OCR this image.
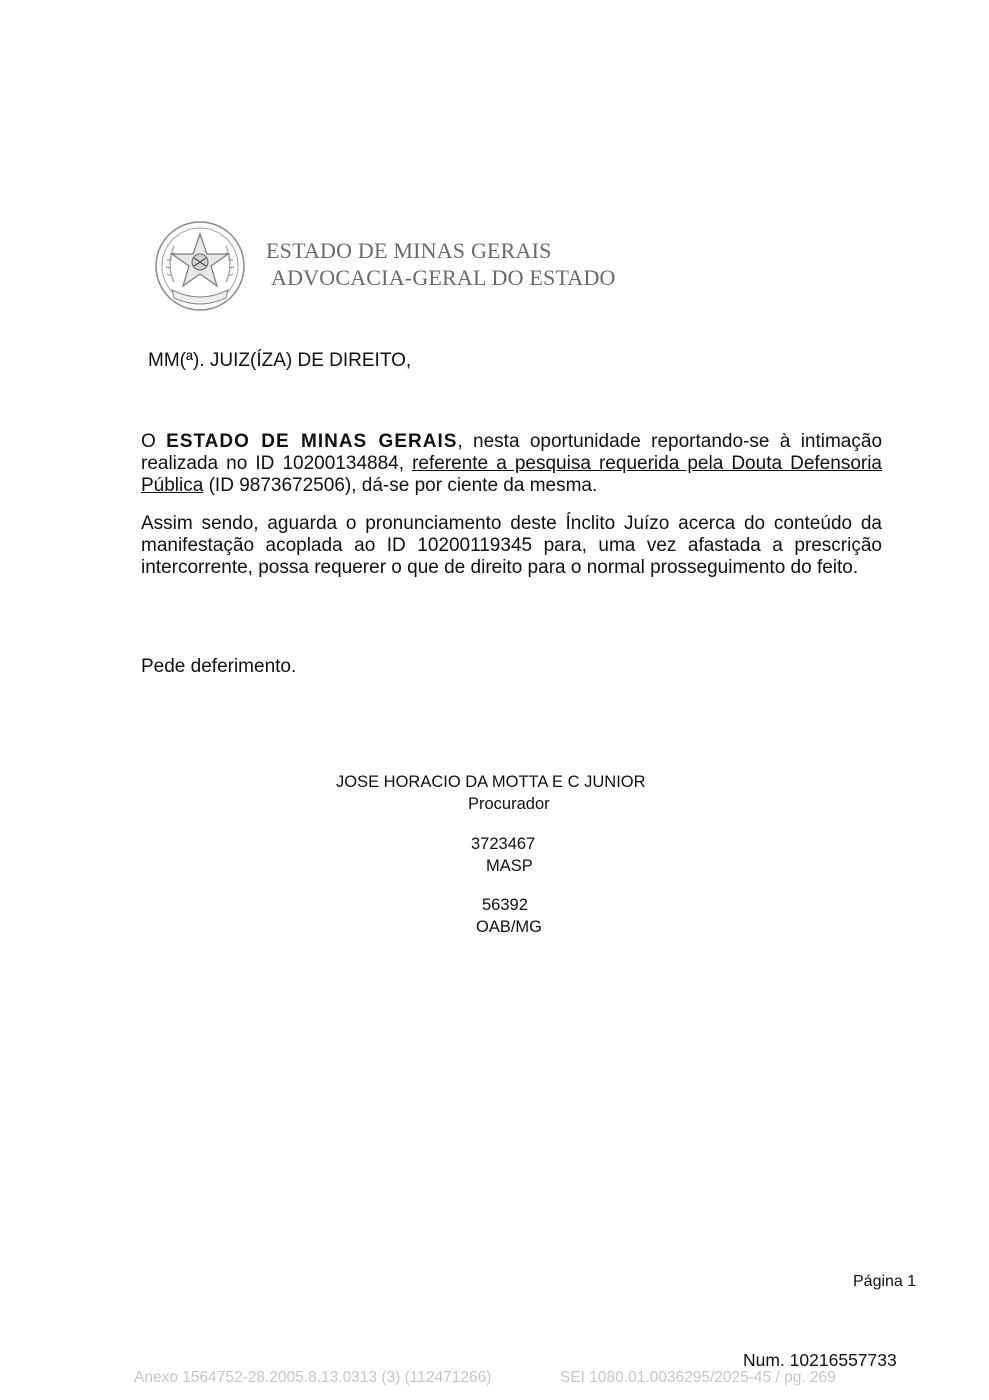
ESTADO DE MINAS GERAIS
ADVOCACIA-GERAL DO ESTADO
MM(ª). JUIZ(ÍZA) DE DIREITO,
O ESTADO DE MINAS GERAIS, nesta oportunidade reportando-se à intimação realizada no ID 10200134884, referente a pesquisa requerida pela Douta Defensoria Pública (ID 9873672506), dá-se por ciente da mesma.
Assim sendo, aguarda o pronunciamento deste Ínclito Juízo acerca do conteúdo da manifestação acoplada ao ID 10200119345 para, uma vez afastada a prescrição intercorrente, possa requerer o que de direito para o normal prosseguimento do feito.
Pede deferimento.
JOSE HORACIO DA MOTTA E C JUNIOR
Procurador
3723467
MASP
56392
OAB/MG
Página 1
Num. 10216557733
Anexo 1564752-28.2005.8.13.0313 (3) (112471266)	SEI 1080.01.0036295/2025-45 / pg. 269
